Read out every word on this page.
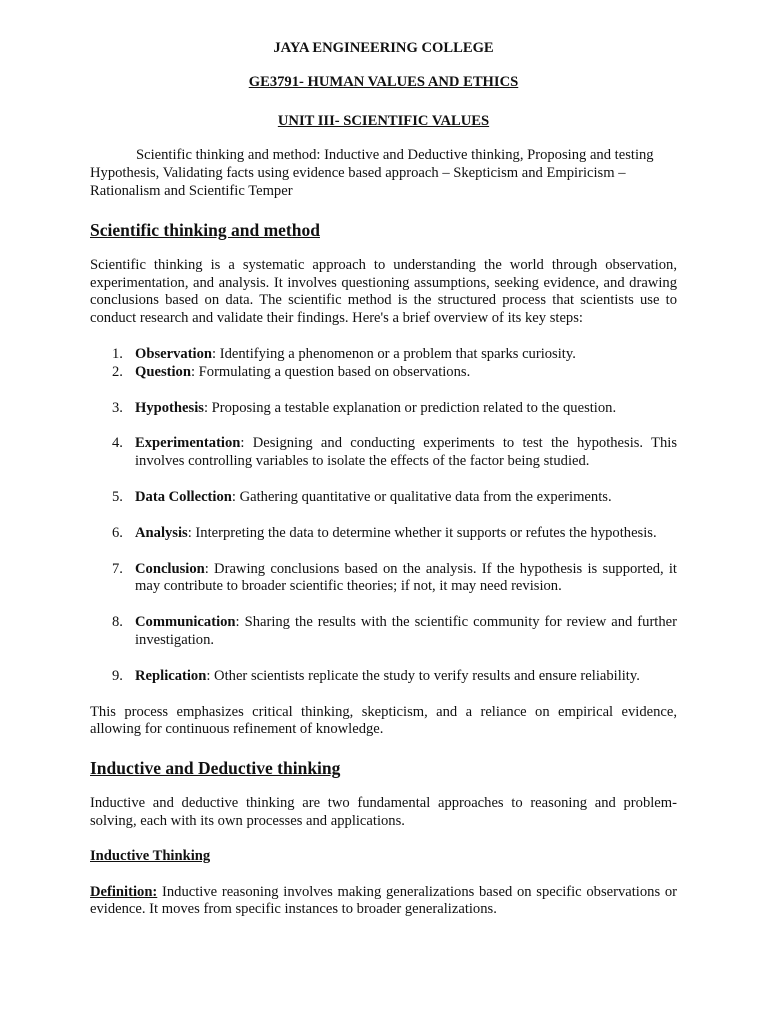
JAYA ENGINEERING COLLEGE
GE3791- HUMAN VALUES AND ETHICS
UNIT III- SCIENTIFIC VALUES
Scientific thinking and method: Inductive and Deductive thinking, Proposing and testing Hypothesis, Validating facts using evidence based approach – Skepticism and Empiricism – Rationalism and Scientific Temper
Scientific thinking and method

Scientific thinking is a systematic approach to understanding the world through observation, experimentation, and analysis. It involves questioning assumptions, seeking evidence, and drawing conclusions based on data. The scientific method is the structured process that scientists use to conduct research and validate their findings. Here's a brief overview of its key steps:

1. Observation: Identifying a phenomenon or a problem that sparks curiosity.
2. Question: Formulating a question based on observations.
3. Hypothesis: Proposing a testable explanation or prediction related to the question.
4. Experimentation: Designing and conducting experiments to test the hypothesis. This involves controlling variables to isolate the effects of the factor being studied.
5. Data Collection: Gathering quantitative or qualitative data from the experiments.
6. Analysis: Interpreting the data to determine whether it supports or refutes the hypothesis.
7. Conclusion: Drawing conclusions based on the analysis. If the hypothesis is supported, it may contribute to broader scientific theories; if not, it may need revision.
8. Communication: Sharing the results with the scientific community for review and further investigation.
9. Replication: Other scientists replicate the study to verify results and ensure reliability.

This process emphasizes critical thinking, skepticism, and a reliance on empirical evidence, allowing for continuous refinement of knowledge.

Inductive and Deductive thinking

Inductive and deductive thinking are two fundamental approaches to reasoning and problem-solving, each with its own processes and applications.

Inductive Thinking

Definition: Inductive reasoning involves making generalizations based on specific observations or evidence. It moves from specific instances to broader generalizations.
